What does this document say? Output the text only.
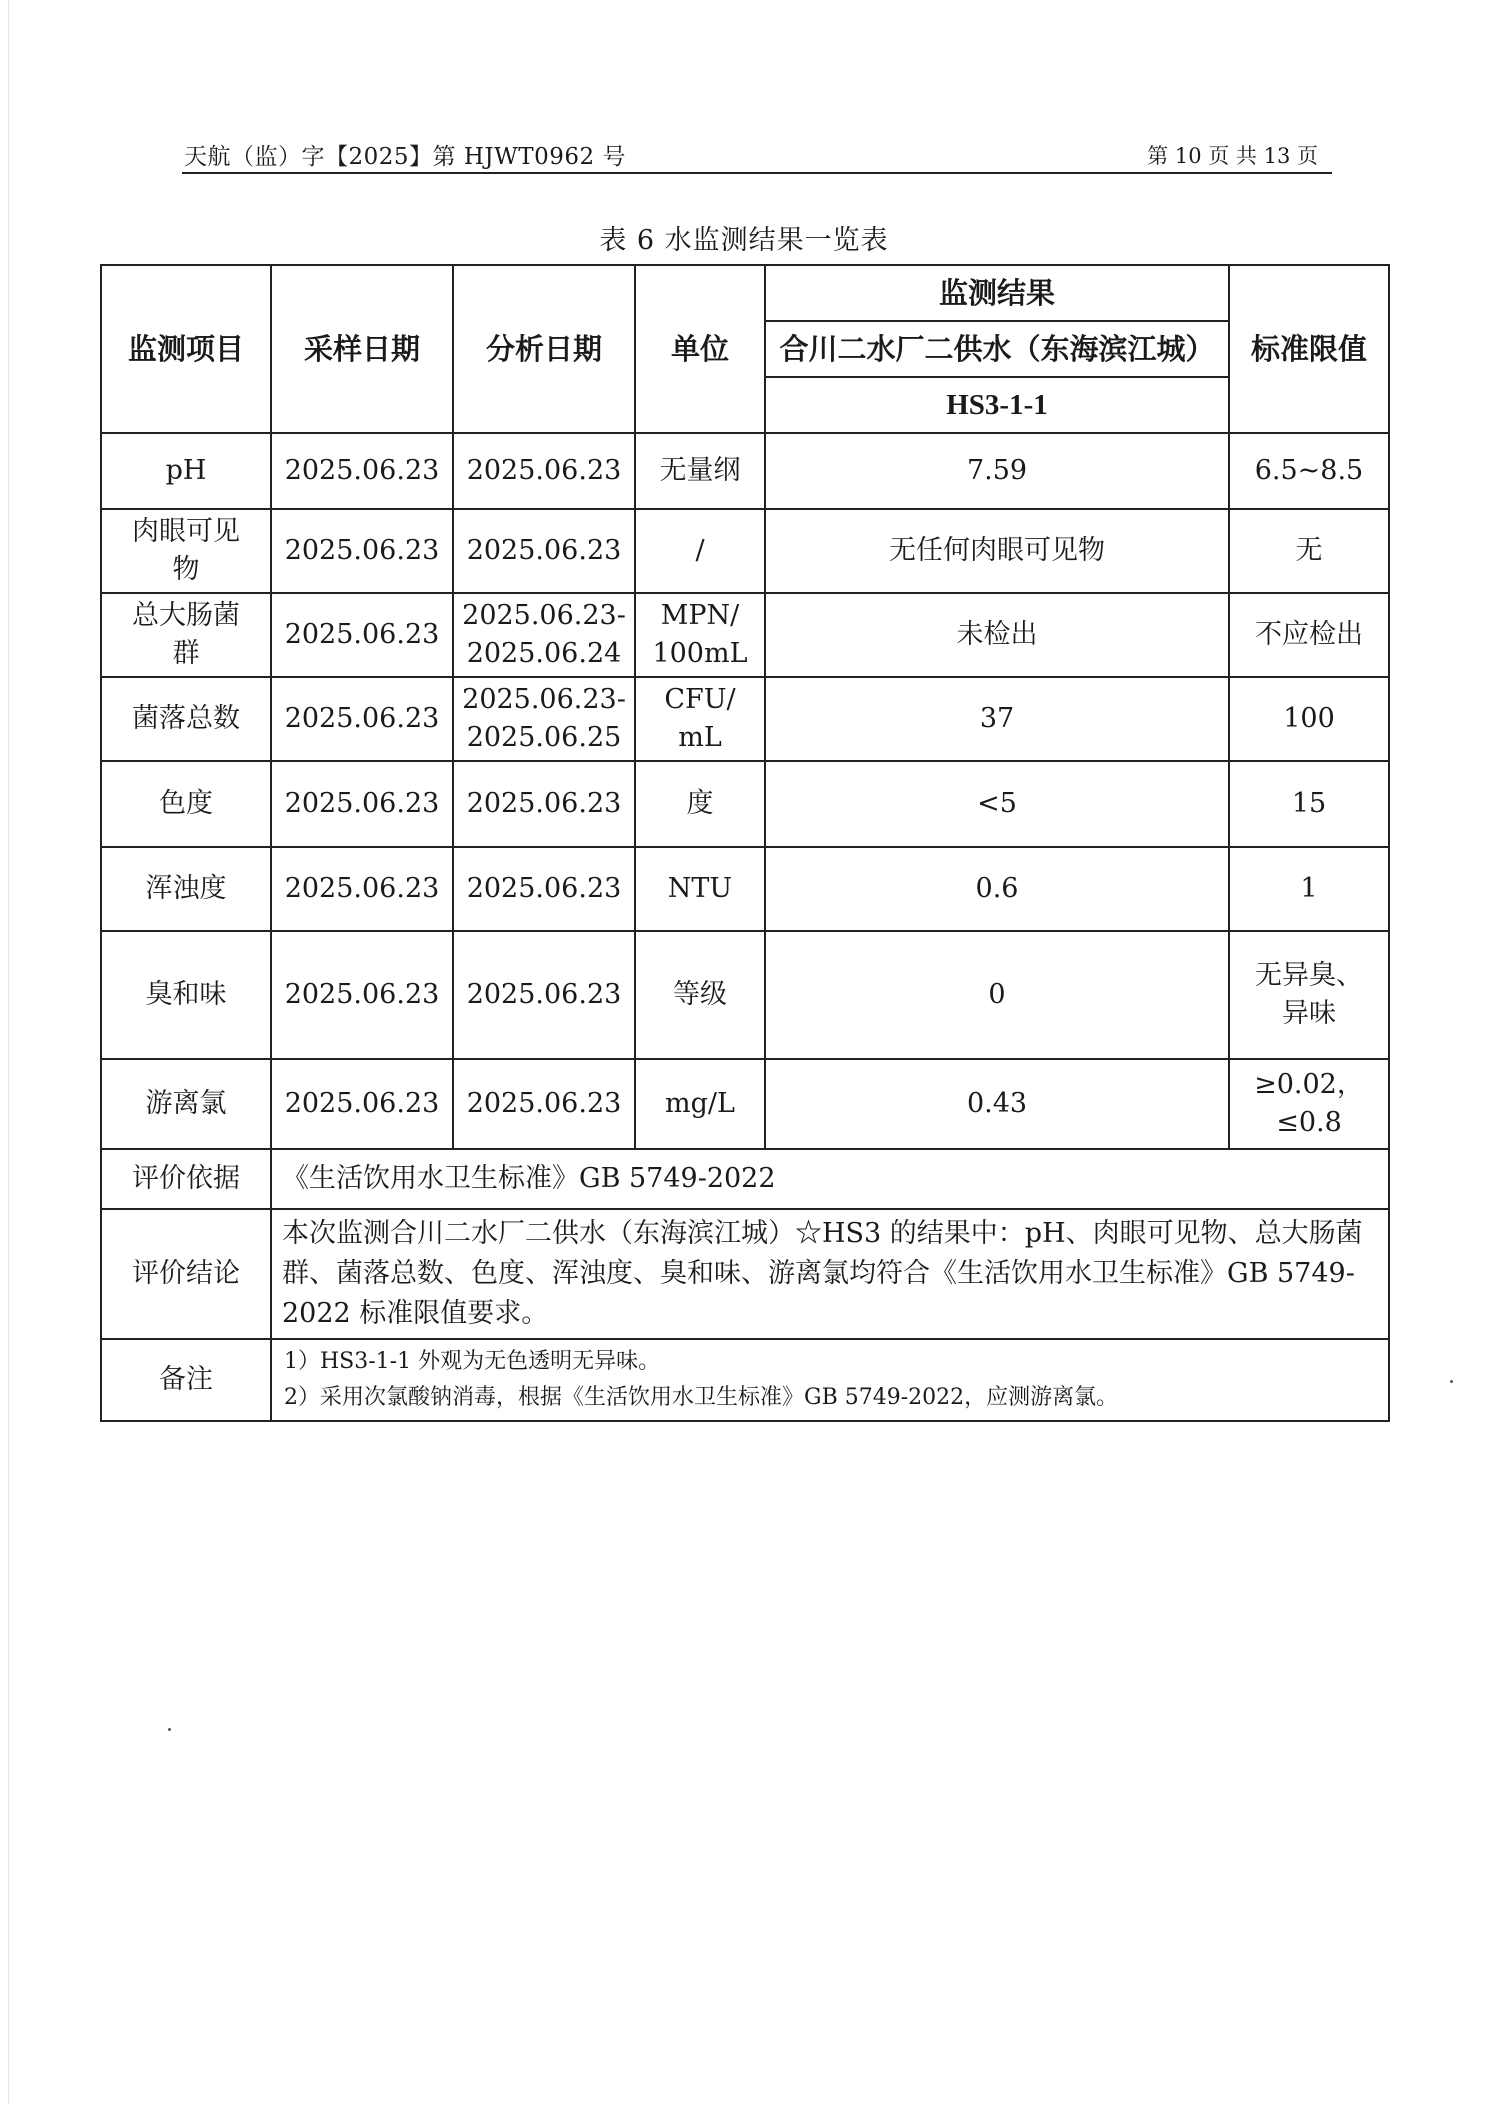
天航（监）字【2025】第 HJWT0962 号	第 10 页 共 13 页
表 6 水监测结果一览表
监测项目	采样日期	分析日期	单位	监测结果	标准限值
				合川二水厂二供水（东海滨江城）	
				HS3-1-1	

pH	2025.06.23	2025.06.23	无量纲	7.59	6.5~8.5

肉眼可见
物	2025.06.23	2025.06.23	/	无任何肉眼可见物	无

总大肠菌
群	2025.06.23	2025.06.23-
2025.06.24	MPN/
100mL	未检出	不应检出

菌落总数	2025.06.23	2025.06.23-
2025.06.25	CFU/
mL	37	100

色度	2025.06.23	2025.06.23	度	<5	15

浑浊度	2025.06.23	2025.06.23	NTU	0.6	1

臭和味	2025.06.23	2025.06.23	等级	0	无异臭、
异味

游离氯	2025.06.23	2025.06.23	mg/L	0.43	≥0.02，
≤0.8

评价依据	《生活饮用水卫生标准》GB 5749-2022				
评价结论	本次监测合川二水厂二供水（东海滨江城）☆HS3 的结果中：pH、肉眼可见物、总大肠菌群、菌落总数、色度、浑浊度、臭和味、游离氯均符合《生活饮用水卫生标准》GB 5749-2022 标准限值要求。				
备注	1）HS3-1-1 外观为无色透明无异味。
2）采用次氯酸钠消毒，根据《生活饮用水卫生标准》GB 5749-2022，应测游离氯。				
